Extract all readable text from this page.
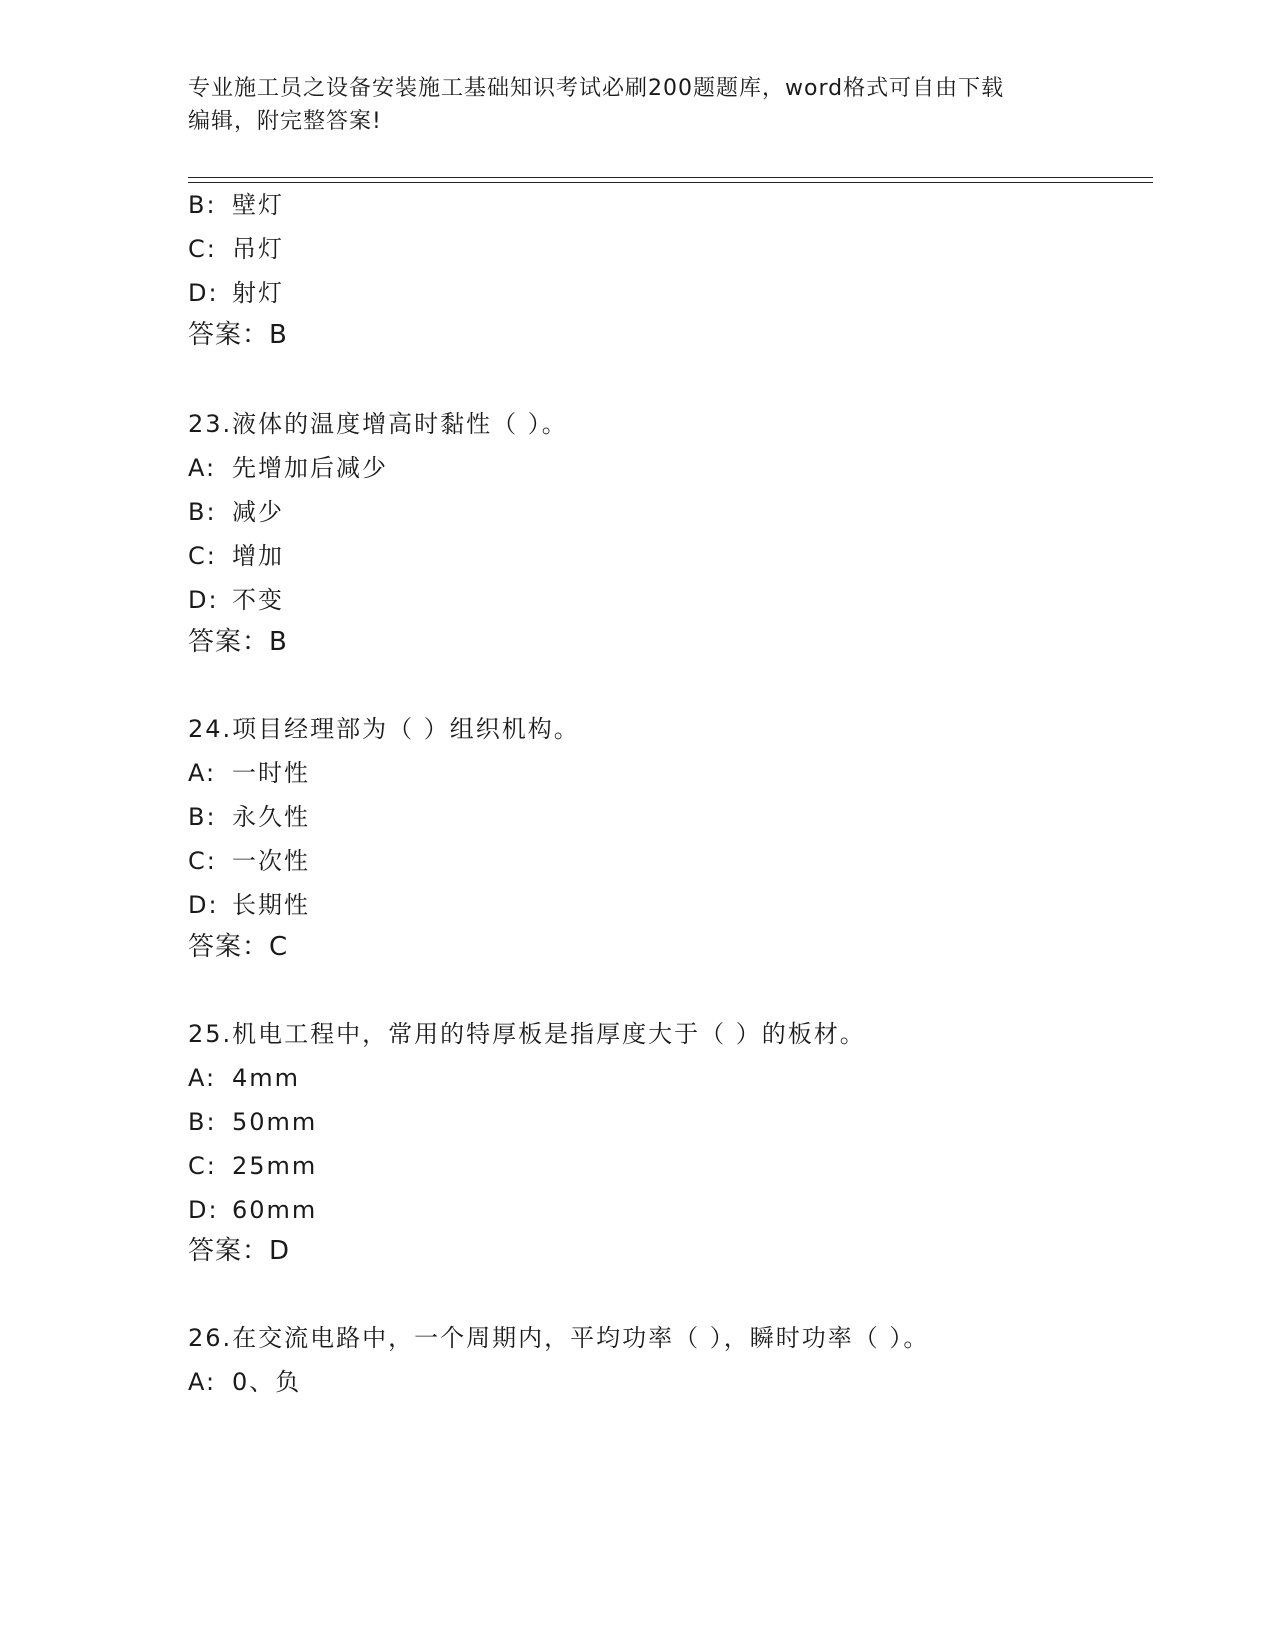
专业施工员之设备安装施工基础知识考试必刷200题题库，word格式可自由下载
编辑，附完整答案!
B: 壁灯
C: 吊灯
D: 射灯
答案：B
23.液体的温度增高时黏性（ ）。
A: 先增加后减少
B: 减少
C: 增加
D: 不变
答案：B
24.项目经理部为（ ）组织机构。
A: 一时性
B: 永久性
C: 一次性
D: 长期性
答案：C
25.机电工程中，常用的特厚板是指厚度大于（ ）的板材。
A: 4mm
B: 50mm
C: 25mm
D: 60mm
答案：D
26.在交流电路中，一个周期内，平均功率（ ），瞬时功率（ ）。
A: 0、负
